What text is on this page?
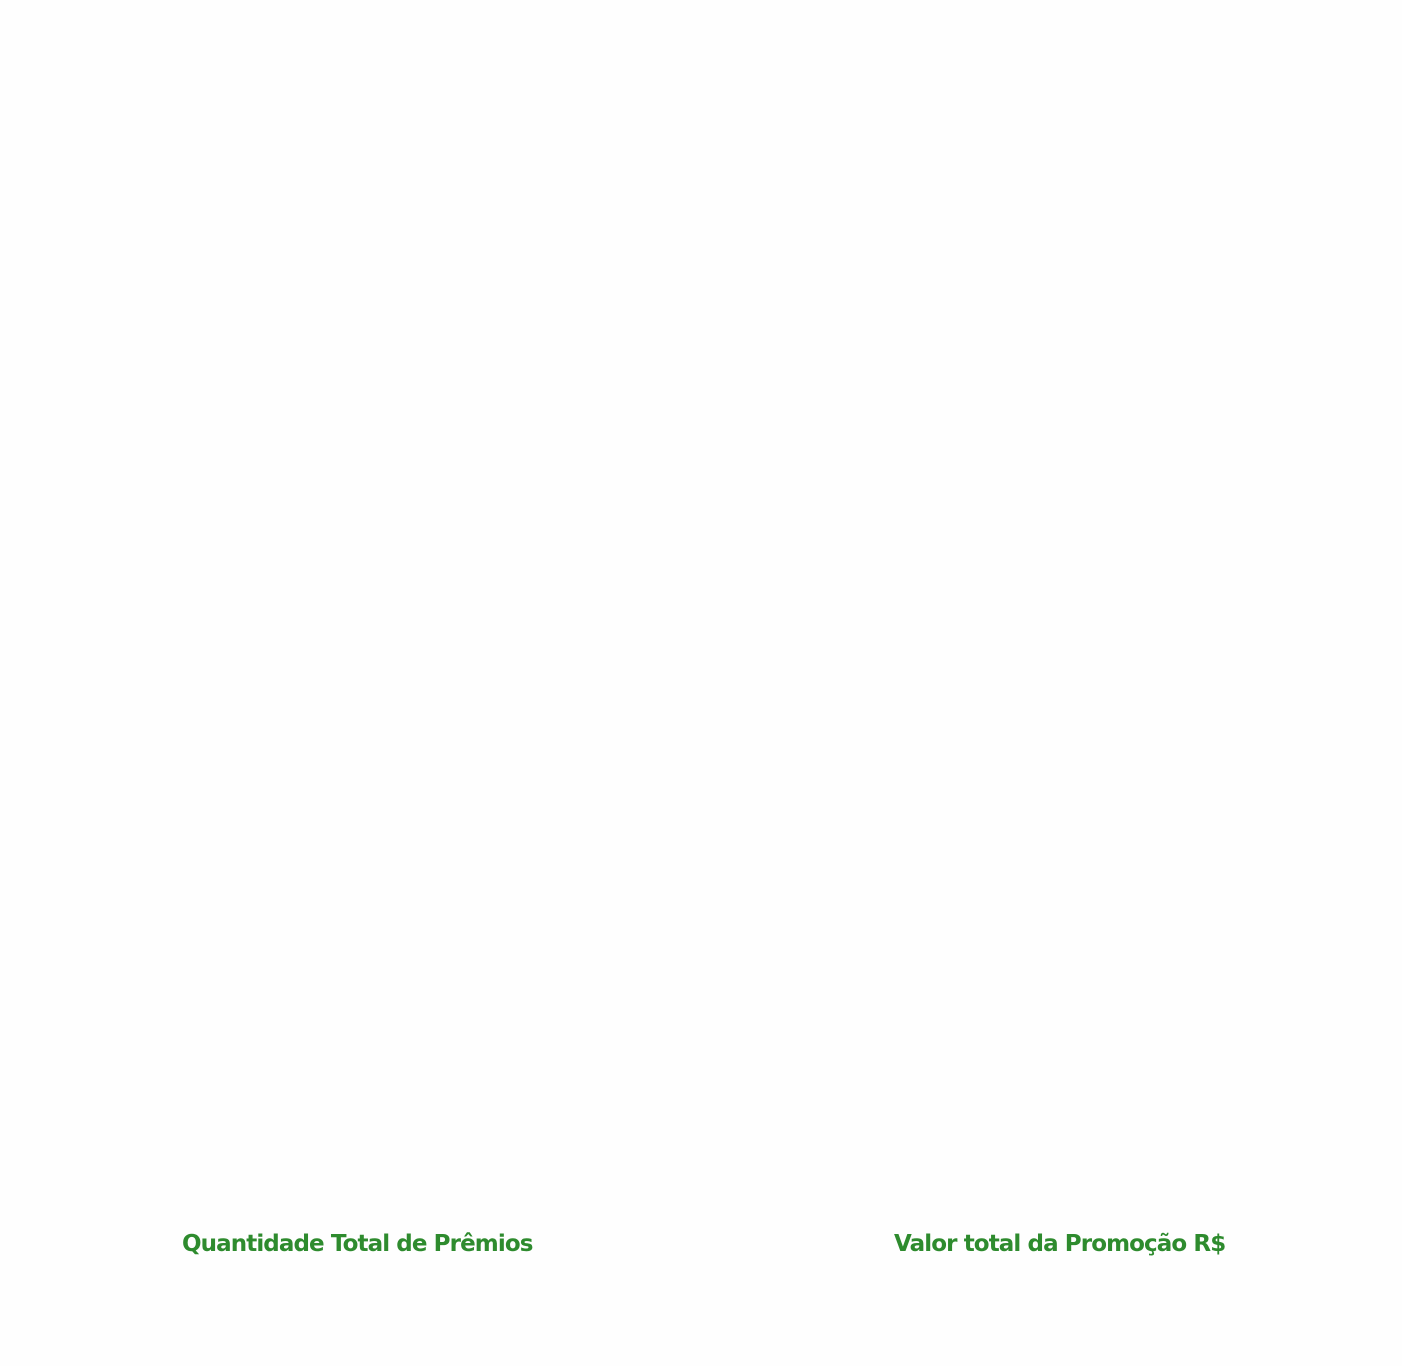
Quantidade Total de Prêmios	Valor total da Promoção R$
